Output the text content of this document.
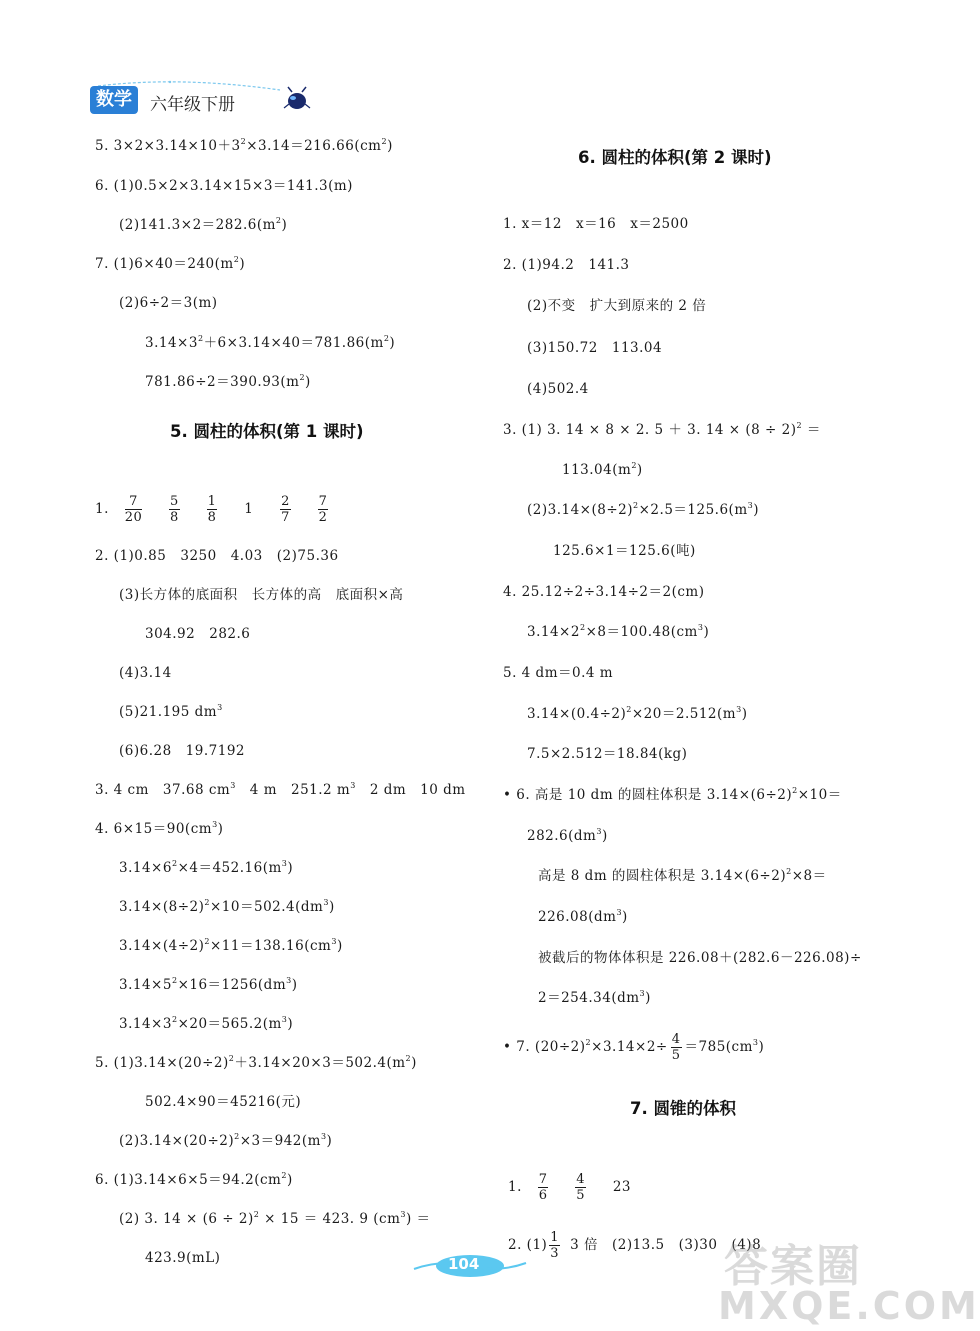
数学	六年级下册
5. $3\times 2\times 3.14\times 10+3^2\times 3.14=216.66(cm^2)$
6. (1)0.5×2×3.14×15×3＝141.3(m)
$(2)141.3\times 2=282.6(m^2)$
7. $(1)6\times 40=240(m^2)$
(2)6÷2＝3(m)
$3.14\times 3^2+6\times 3.14\times 40=781.86(m^2)$
$781.86\div 2=390.93(m^2)$
5. 圆柱的体积(第 1 课时)
1. $\frac{7}{20}$
$\frac{5}{8}$
$\frac{1}{8} 1 \frac{2}{7}$
$\frac{7}{2}$
2. (1)0.85　3250　4.03　(2)75.36
(3)长方体的底面积　长方体的高　底面积×高
304.92　282.6
(4)3.14
(5)21.195 $dm^3$
(6)6.28　19.7192
3. 4 cm　37.68 $cm^3$　4 m　251.2 $m^3$　2 dm　10 dm
4. $6\times 15=90(cm^3)$
$3.14\times 6^2\times 4=452.16(m^3)$
$3.14\times(8\div 2)^2\times 10=502.4(dm^3)$
$3.14\times(4\div 2)^2\times 11=138.16(cm^3)$
$3.14\times 5^2\times 16=1256(dm^3)$
$3.14\times 3^2\times 20=565.2(m^3)$
5. $(1)3.14\times(20\div 2)^2+3.14\times 20\times 3=502.4(m^2)$
502.4×90＝45216(元)
$(2)3.14\times(20\div 2)^2\times 3=942(m^3)$
6. $(1)3.14\times 6\times 5=94.2(cm^2)$
(2) 3. $14 \times (6 \div 2)^2 \times 15 = 423$. 9 $(cm^3)$ ＝
423.9(mL)
6. 圆柱的体积(第 2 课时)
1. x＝12　x＝16　x＝2500
2. (1)94.2　141.3
(2)不变　扩大到原来的 2 倍
(3)150.72　113.04
(4)502.4
3. (1) 3. 14 × 8 × 2. 5 ＋ 3. $14 \times (8 \div 2)^2$ ＝
$113.04(m^2)$
$(2)3.14\times(8\div 2)^2\times 2.5=125.6(m^3)$
125.6×1＝125.6(吨)
4. 25.12÷2÷3.14÷2＝2(cm)
$3.14\times 2^2\times 8=100.48(cm^3)$
5. 4 dm＝0.4 m
$3.14\times(0.4\div 2)^2\times 20=2.512(m^3)$
7.5×2.512＝18.84(kg)
• 6. 高是 10 dm 的圆柱体积是 $3.14\times(6\div 2)^2\times 10=$
$282.6(dm^3)$
高是 8 dm 的圆柱体积是 $3.14\times(6\div 2)^2\times 8=$
$226.08(dm^3)$
被截后的物体体积是 226.08＋(282.6－226.08)÷
$2=254.34(dm^3)$
• 7. $(20\div 2)^2\times 3.14\times 2\div \frac{4}{5} =785(cm^3)$
7. 圆锥的体积
1. $\frac{7}{6}$
$\frac{4}{5} 23$
2. $(1) \frac{1}{3} 3$ 倍　(2)13.5　(3)30　(4)8
104	答案圈
MXQE.COM
